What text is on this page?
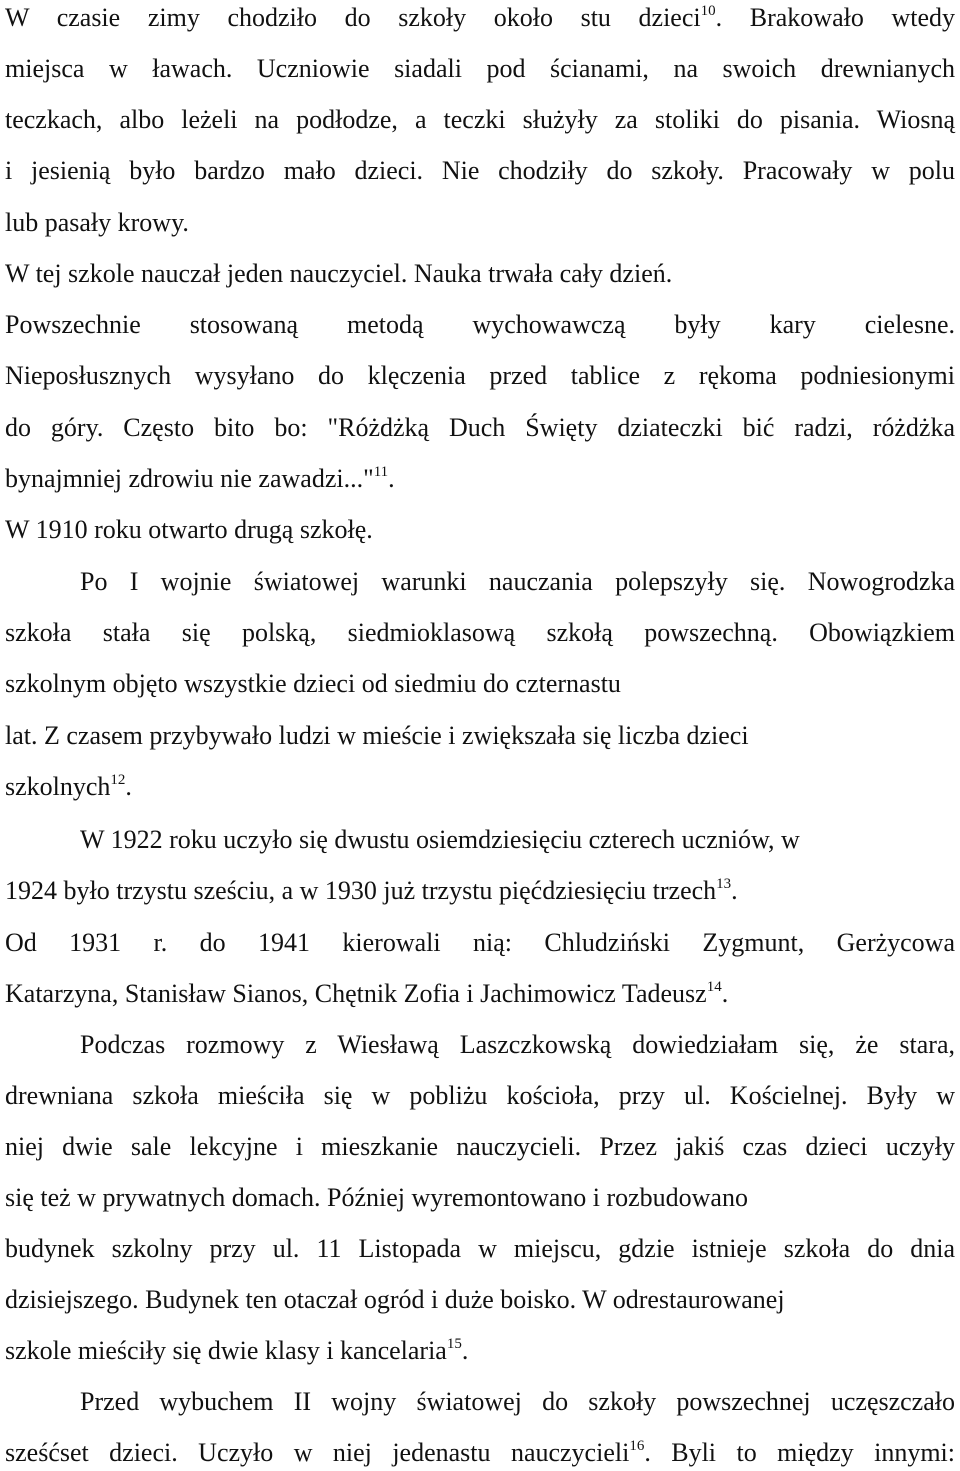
W czasie zimy chodziło do szkoły około stu dzieci$^{10}$. Brakowało wtedy
miejsca w ławach. Uczniowie siadali pod ścianami, na swoich drewnianych
teczkach, albo leżeli na podłodze, a teczki służyły za stoliki do pisania. Wiosną
i jesienią było bardzo mało dzieci. Nie chodziły do szkoły. Pracowały w polu
lub pasały krowy.
W tej szkole nauczał jeden nauczyciel. Nauka trwała cały dzień.
Powszechnie stosowaną metodą wychowawczą były kary cielesne.
Nieposłusznych wysyłano do klęczenia przed tablice z rękoma podniesionymi
do góry. Często bito bo: "Różdżką Duch Święty dziateczki bić radzi, różdżka
bynajmniej zdrowiu nie zawadzi..."$^{11}$.
W 1910 roku otwarto drugą szkołę.
Po I wojnie światowej warunki nauczania polepszyły się. Nowogrodzka
szkoła stała się polską, siedmioklasową szkołą powszechną. Obowiązkiem
szkolnym objęto wszystkie dzieci od siedmiu do czternastu
lat. Z czasem przybywało ludzi w mieście i zwiększała się liczba dzieci
szkolnych$^{12}$.
W 1922 roku uczyło się dwustu osiemdziesięciu czterech uczniów, w
1924 było trzystu sześciu, a w 1930 już trzystu pięćdziesięciu trzech$^{13}$.
Od 1931 r. do 1941 kierowali nią: Chludziński Zygmunt, Gerżycowa
Katarzyna, Stanisław Sianos, Chętnik Zofia i Jachimowicz Tadeusz$^{14}$.
Podczas rozmowy z Wiesławą Laszczkowską dowiedziałam się, że stara,
drewniana szkoła mieściła się w pobliżu kościoła, przy ul. Kościelnej. Były w
niej dwie sale lekcyjne i mieszkanie nauczycieli. Przez jakiś czas dzieci uczyły
się też w prywatnych domach. Później wyremontowano i rozbudowano
budynek szkolny przy ul. 11 Listopada w miejscu, gdzie istnieje szkoła do dnia
dzisiejszego. Budynek ten otaczał ogród i duże boisko. W odrestaurowanej
szkole mieściły się dwie klasy i kancelaria$^{15}$.
Przed wybuchem II wojny światowej do szkoły powszechnej uczęszczało
sześćset dzieci. Uczyło w niej jedenastu nauczycieli$^{16}$. Byli to między innymi:
